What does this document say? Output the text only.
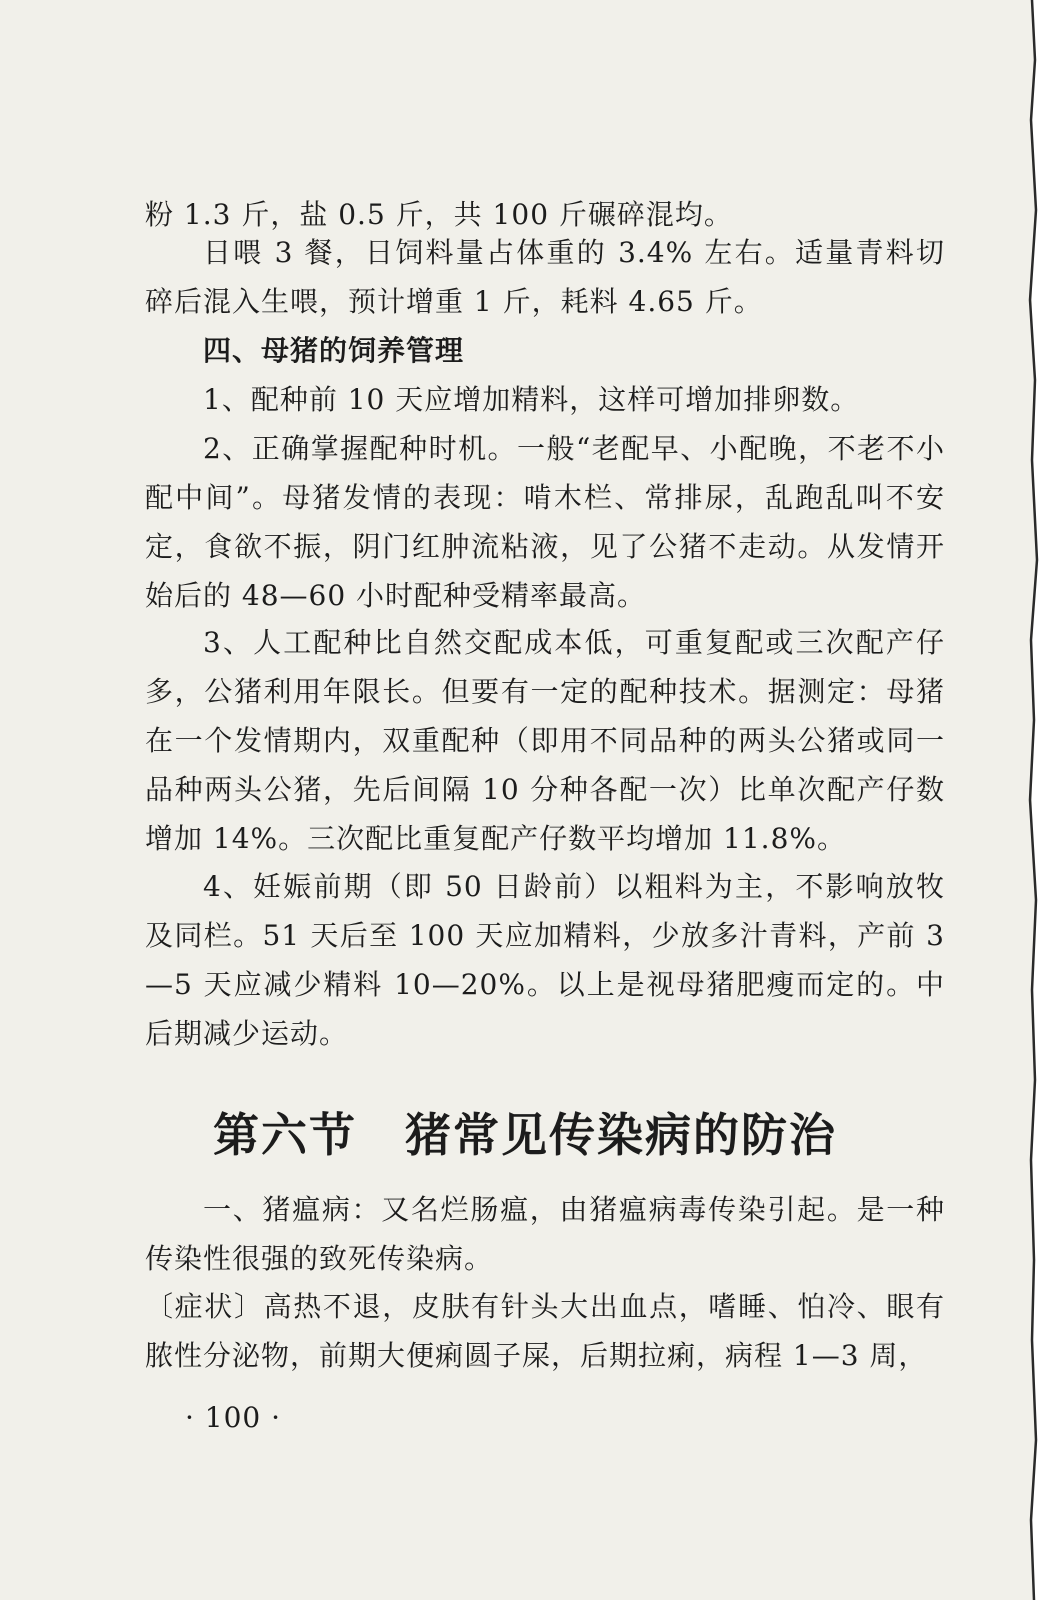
粉 1.3 斤，盐 0.5 斤，共 100 斤碾碎混均。
日喂 3 餐，日饲料量占体重的 3.4% 左右。适量青料切碎后混入生喂，预计增重 1 斤，耗料 4.65 斤。
四、母猪的饲养管理
1、配种前 10 天应增加精料，这样可增加排卵数。
2、正确掌握配种时机。一般“老配早、小配晚，不老不小配中间”。母猪发情的表现：啃木栏、常排尿，乱跑乱叫不安定，食欲不振，阴门红肿流粘液，见了公猪不走动。从发情开始后的 48—60 小时配种受精率最高。
3、人工配种比自然交配成本低，可重复配或三次配产仔多，公猪利用年限长。但要有一定的配种技术。据测定：母猪在一个发情期内，双重配种（即用不同品种的两头公猪或同一品种两头公猪，先后间隔 10 分种各配一次）比单次配产仔数增加 14%。三次配比重复配产仔数平均增加 11.8%。
4、妊娠前期（即 50 日龄前）以粗料为主，不影响放牧及同栏。51 天后至 100 天应加精料，少放多汁青料，产前 3—5 天应减少精料 10—20%。以上是视母猪肥瘦而定的。中后期减少运动。
第六节　猪常见传染病的防治
一、猪瘟病：又名烂肠瘟，由猪瘟病毒传染引起。是一种传染性很强的致死传染病。
〔症状〕高热不退，皮肤有针头大出血点，嗜睡、怕冷、眼有脓性分泌物，前期大便痢圆子屎，后期拉痢，病程 1—3 周，
· 100 ·
